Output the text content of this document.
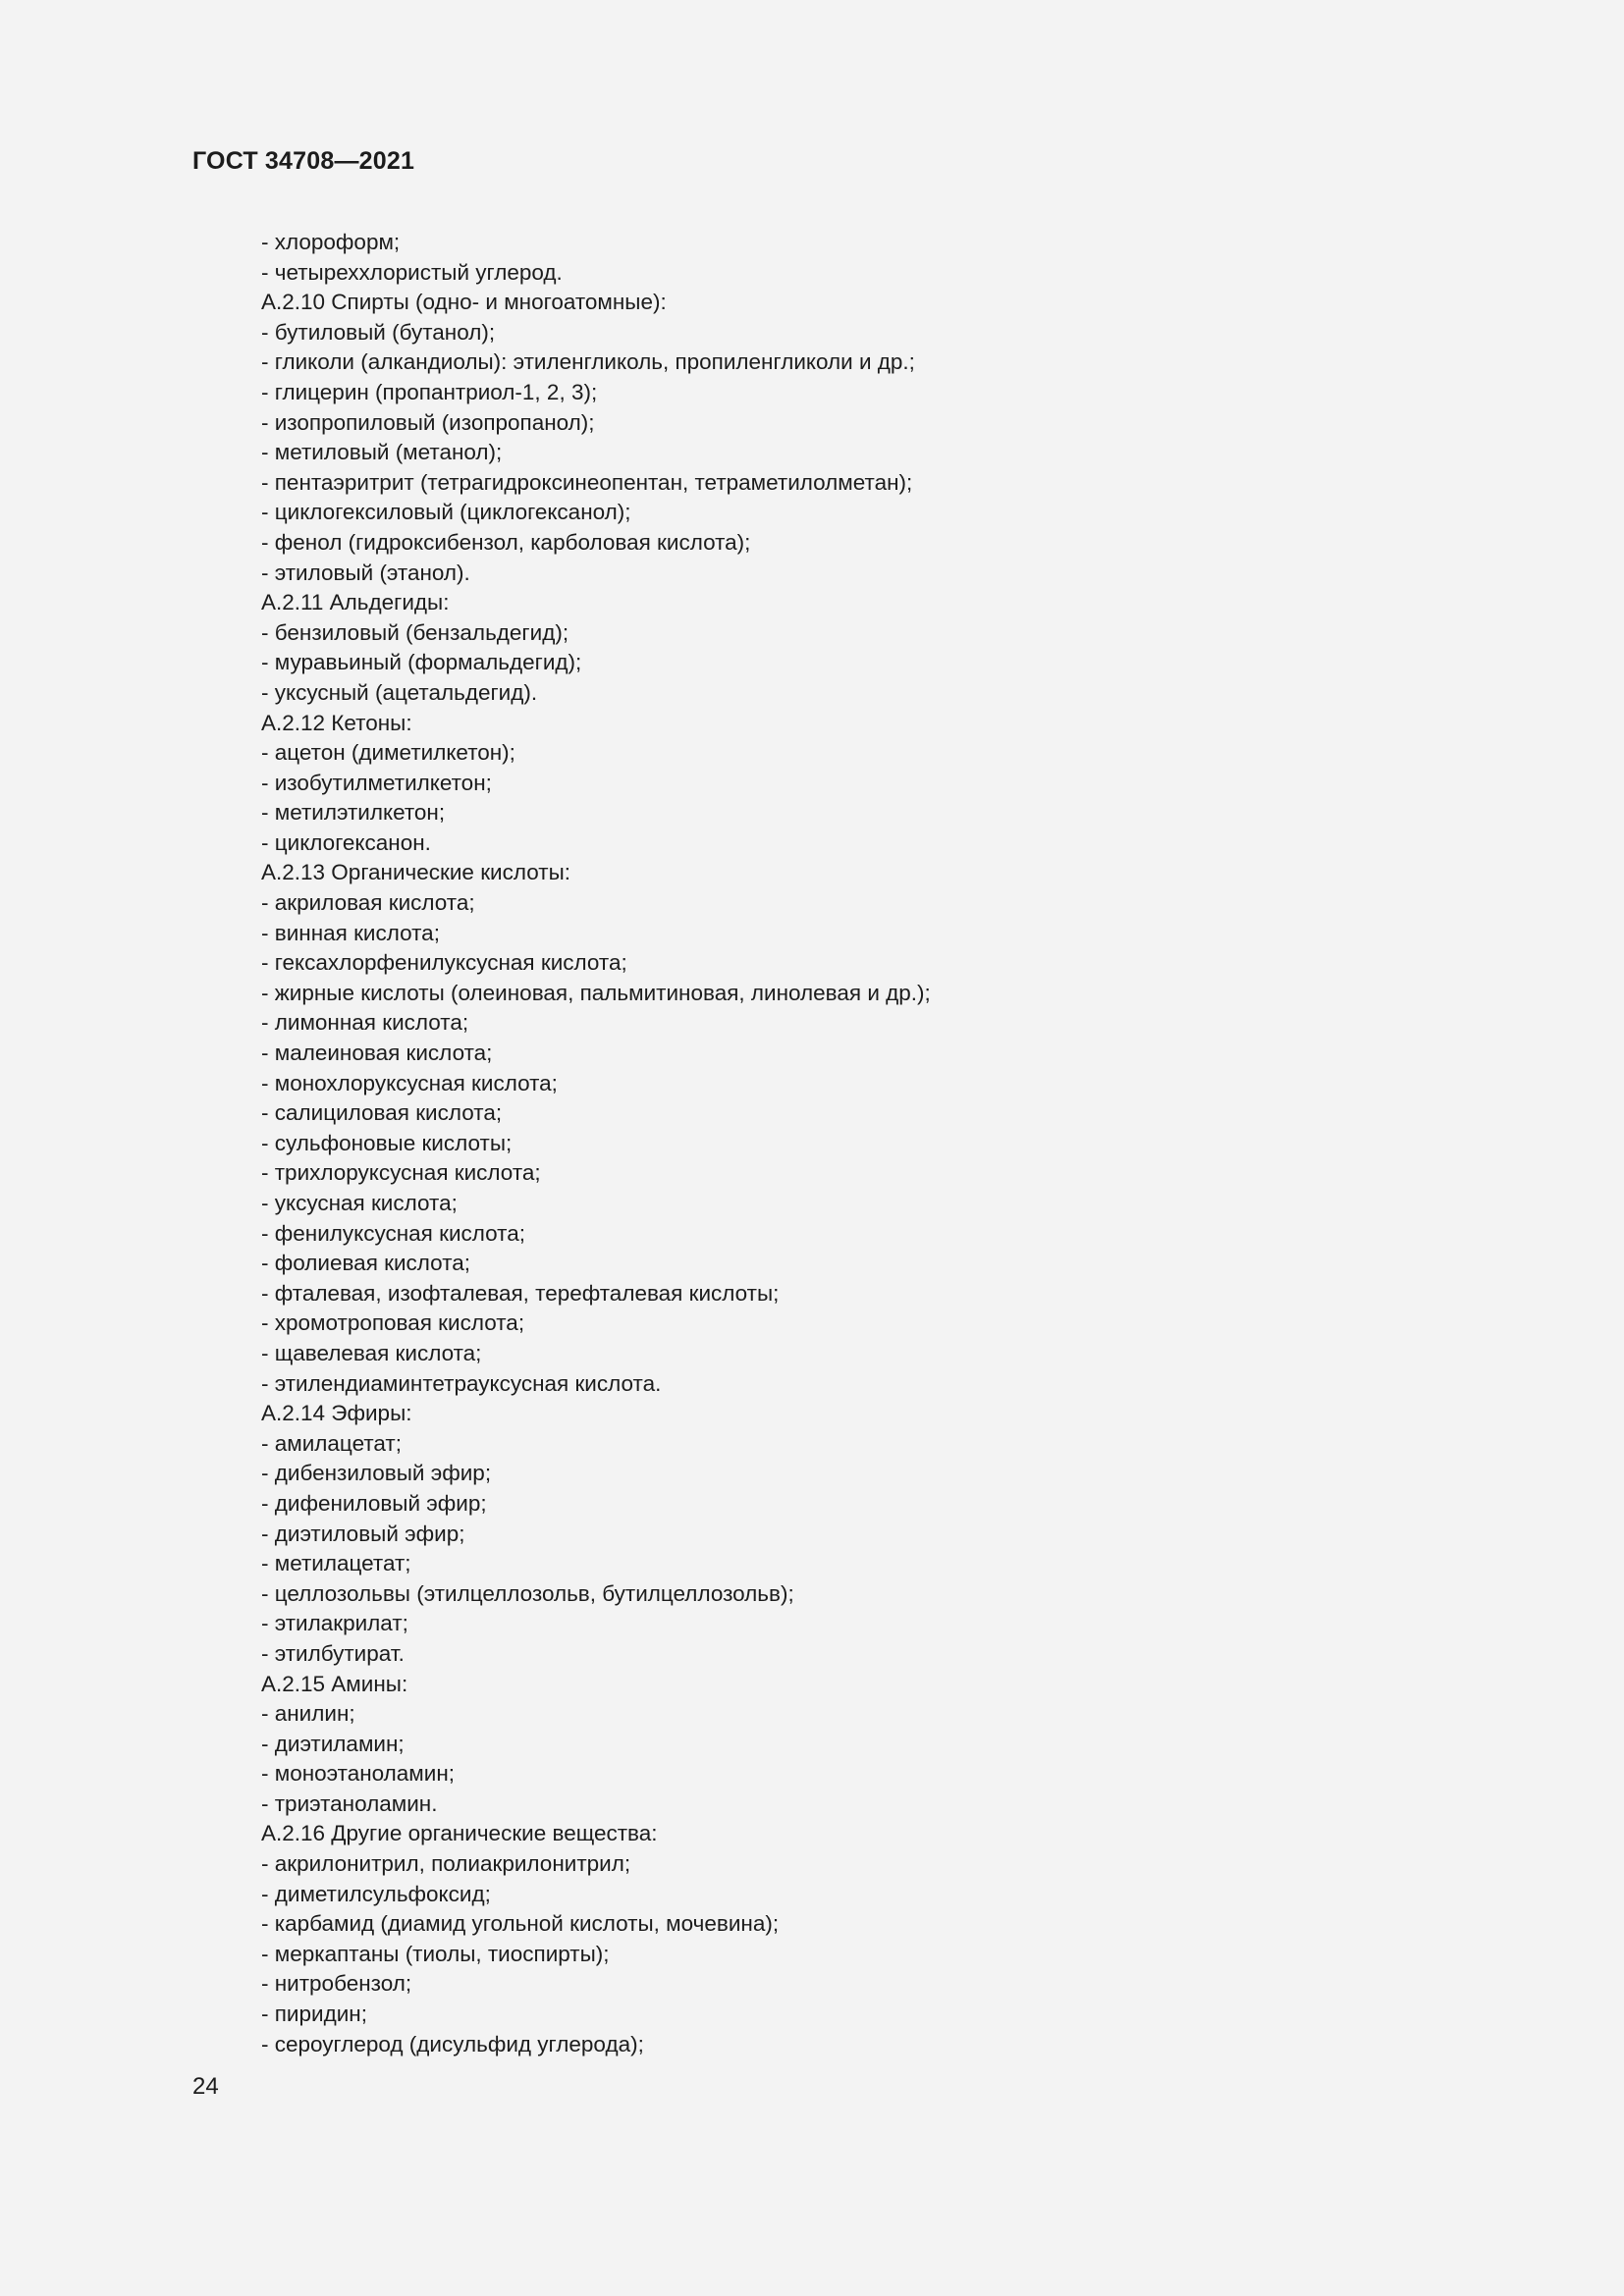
ГОСТ 34708—2021
- хлороформ;
- четыреххлористый углерод.
А.2.10 Спирты (одно- и многоатомные):
- бутиловый (бутанол);
- гликоли (алкандиолы): этиленгликоль, пропиленгликоли и др.;
- глицерин (пропантриол-1, 2, 3);
- изопропиловый (изопропанол);
- метиловый (метанол);
- пентаэритрит (тетрагидроксинеопентан, тетраметилолметан);
- циклогексиловый (циклогексанол);
- фенол (гидроксибензол, карболовая кислота);
- этиловый (этанол).
А.2.11 Альдегиды:
- бензиловый (бензальдегид);
- муравьиный (формальдегид);
- уксусный (ацетальдегид).
А.2.12 Кетоны:
- ацетон (диметилкетон);
- изобутилметилкетон;
- метилэтилкетон;
- циклогексанон.
А.2.13 Органические кислоты:
- акриловая кислота;
- винная кислота;
- гексахлорфенилуксусная кислота;
- жирные кислоты (олеиновая, пальмитиновая, линолевая и др.);
- лимонная кислота;
- малеиновая кислота;
- монохлоруксусная кислота;
- салициловая кислота;
- сульфоновые кислоты;
- трихлоруксусная кислота;
- уксусная кислота;
- фенилуксусная кислота;
- фолиевая кислота;
- фталевая, изофталевая, терефталевая кислоты;
- хромотроповая кислота;
- щавелевая кислота;
- этилендиаминтетрауксусная кислота.
А.2.14 Эфиры:
- амилацетат;
- дибензиловый эфир;
- дифениловый эфир;
- диэтиловый эфир;
- метилацетат;
- целлозольвы (этилцеллозольв, бутилцеллозольв);
- этилакрилат;
- этилбутират.
А.2.15 Амины:
- анилин;
- диэтиламин;
- моноэтаноламин;
- триэтаноламин.
А.2.16 Другие органические вещества:
- акрилонитрил, полиакрилонитрил;
- диметилсульфоксид;
- карбамид (диамид угольной кислоты, мочевина);
- меркаптаны (тиолы, тиоспирты);
- нитробензол;
- пиридин;
- сероуглерод (дисульфид углерода);
24
